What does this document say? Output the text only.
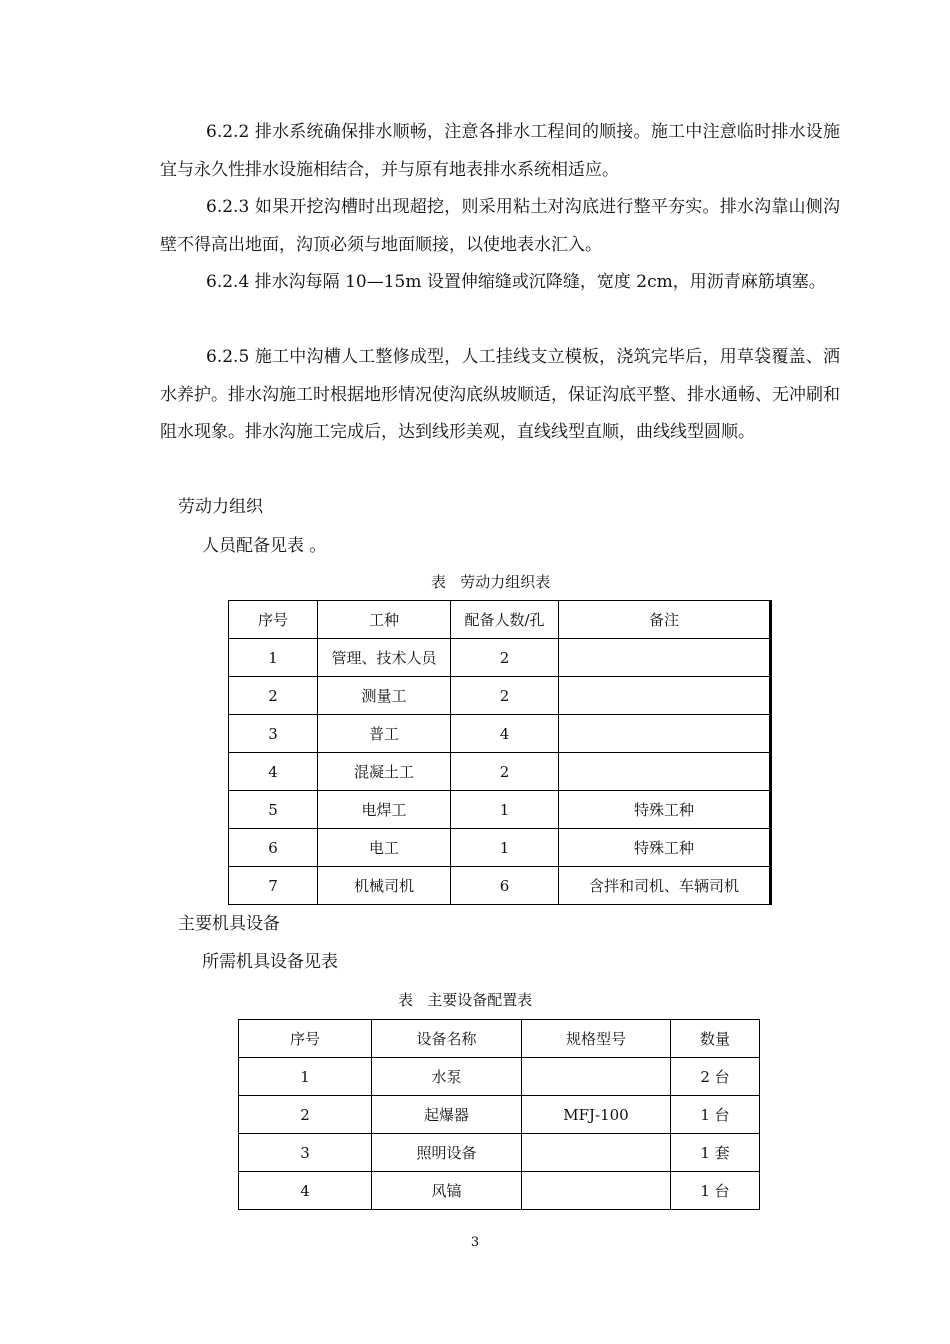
6.2.2 排水系统确保排水顺畅，注意各排水工程间的顺接。施工中注意临时排水设施宜与永久性排水设施相结合，并与原有地表排水系统相适应。

6.2.3 如果开挖沟槽时出现超挖，则采用粘土对沟底进行整平夯实。排水沟靠山侧沟壁不得高出地面，沟顶必须与地面顺接，以使地表水汇入。

6.2.4 排水沟每隔 10—15m 设置伸缩缝或沉降缝，宽度 2cm，用沥青麻筋填塞。

6.2.5 施工中沟槽人工整修成型，人工挂线支立模板，浇筑完毕后，用草袋覆盖、洒水养护。排水沟施工时根据地形情况使沟底纵坡顺适，保证沟底平整、排水通畅、无冲刷和阻水现象。排水沟施工完成后，达到线形美观，直线线型直顺，曲线线型圆顺。

劳动力组织

人员配备见表 。

表   劳动力组织表

序号	工种	配备人数/孔	备注
1	管理、技术人员	2	
2	测量工	2	
3	普工	4	
4	混凝土工	2	
5	电焊工	1	特殊工种
6	电工	1	特殊工种
7	机械司机	6	含拌和司机、车辆司机

主要机具设备

所需机具设备见表

表   主要设备配置表

序号	设备名称	规格型号	数量
1	水泵		2 台
2	起爆器	MFJ-100	1 台
3	照明设备		1 套
4	风镐		1 台
3
